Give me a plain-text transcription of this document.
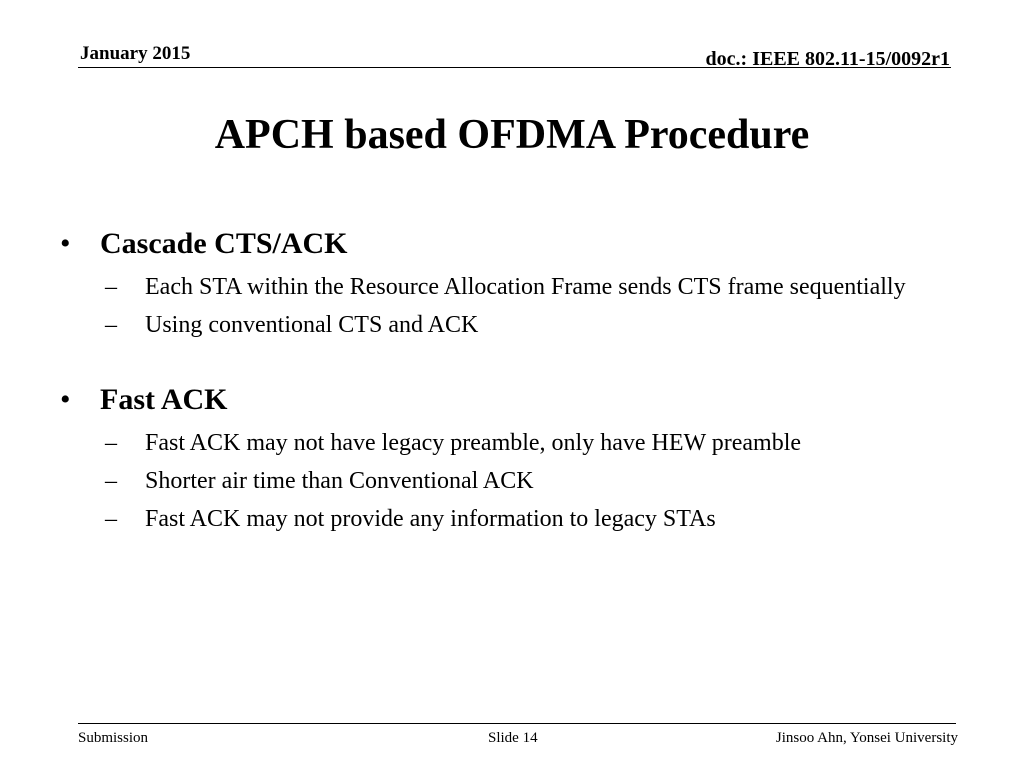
January 2015	doc.: IEEE 802.11-15/0092r1
APCH based OFDMA Procedure
• Cascade CTS/ACK
– Each STA within the Resource Allocation Frame sends CTS frame sequentially
– Using conventional CTS and ACK
• Fast ACK
– Fast ACK may not have legacy preamble, only have HEW preamble
– Shorter air time than Conventional ACK
– Fast ACK may not provide any information to legacy STAs
Submission	Slide 14	Jinsoo Ahn, Yonsei University
